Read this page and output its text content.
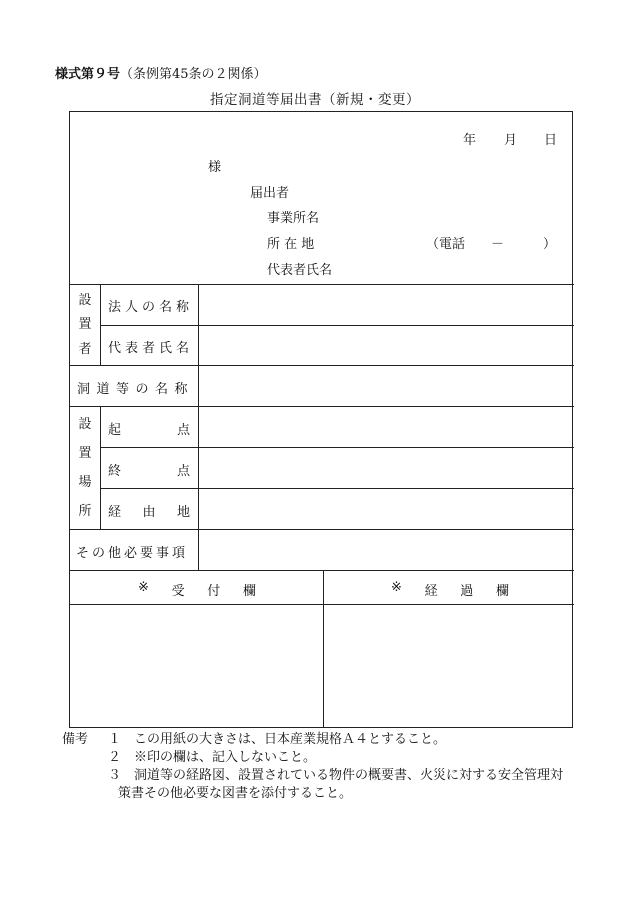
様式第９号（条例第45条の２関係）
指定洞道等届出書（新規・変更）
年 月 日
様
届出者
事業所名
所 在 地	（電話　　－　　　）
代表者氏名
設
置
者
法人の名称
代表者氏名
洞道等の名称
設
置
場
所
起	点
終	点
経 由 地
その他必要事項
※ 受 付 欄	※ 経 過 欄
備考 １ この用紙の大きさは、日本産業規格Ａ４とすること。
２ ※印の欄は、記入しないこと。
３ 洞道等の経路図、設置されている物件の概要書、火災に対する安全管理対
策書その他必要な図書を添付すること。
